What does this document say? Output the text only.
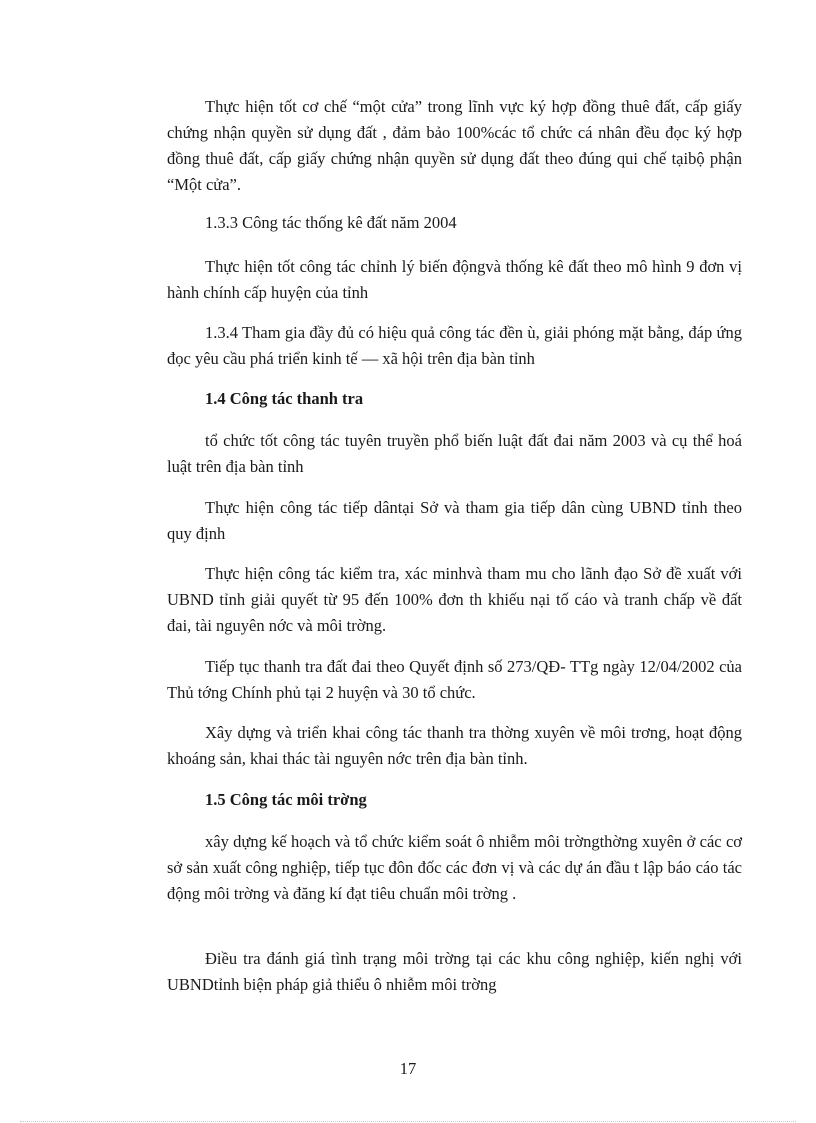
Thực hiện tốt cơ chế “một cửa” trong lĩnh vực ký hợp đồng thuê đất, cấp giấy chứng nhận quyền sử dụng đất , đảm bảo 100%các tổ chức cá nhân đều đọc ký hợp đồng thuê đất, cấp giấy chứng nhận quyền sử dụng đất theo đúng qui chế tạibộ phận “Một cửa”.

1.3.3 Công tác thống kê đất năm 2004

Thực hiện tốt công tác chỉnh lý biến độngvà thống kê đất theo mô hình 9 đơn vị hành chính cấp huyện của tỉnh

1.3.4 Tham gia đầy đủ có hiệu quả công tác đền ù, giải phóng mặt bằng, đáp ứng đọc yêu cầu phá triển kinh tế — xã hội trên địa bàn tỉnh

1.4 Công tác thanh tra

tổ chức tốt công tác tuyên truyền phổ biến luật đất đai năm 2003 và cụ thể hoá luật trên địa bàn tỉnh

Thực hiện công tác tiếp dântại Sở và tham gia tiếp dân cùng UBND tỉnh theo quy định

Thực hiện công tác kiểm tra, xác minhvà tham mu cho lãnh đạo Sở đề xuất với UBND tỉnh giải quyết từ 95 đến 100% đơn th khiếu nại tố cáo và tranh chấp về đất đai, tài nguyên nớc và môi trờng.

Tiếp tục thanh tra đất đai theo Quyết định số 273/QĐ- TTg ngày 12/04/2002 của Thủ tớng Chính phủ tại 2 huyện và 30 tổ chức.

Xây dựng và triển khai công tác thanh tra thờng xuyên về môi trơng, hoạt động khoáng sản, khai thác tài nguyên nớc trên địa bàn tỉnh.

1.5 Công tác môi trờng

xây dựng kế hoạch và tổ chức kiểm soát ô nhiễm môi trờngthờng xuyên ở các cơ sở sản xuất công nghiệp, tiếp tục đôn đốc các đơn vị và các dự án đầu t lập báo cáo tác động môi trờng và đăng kí đạt tiêu chuẩn môi trờng .

Điều tra đánh giá tình trạng môi trờng tại các khu công nghiệp, kiến nghị với UBNDtỉnh biện pháp giả thiểu ô nhiễm môi trờng

17
